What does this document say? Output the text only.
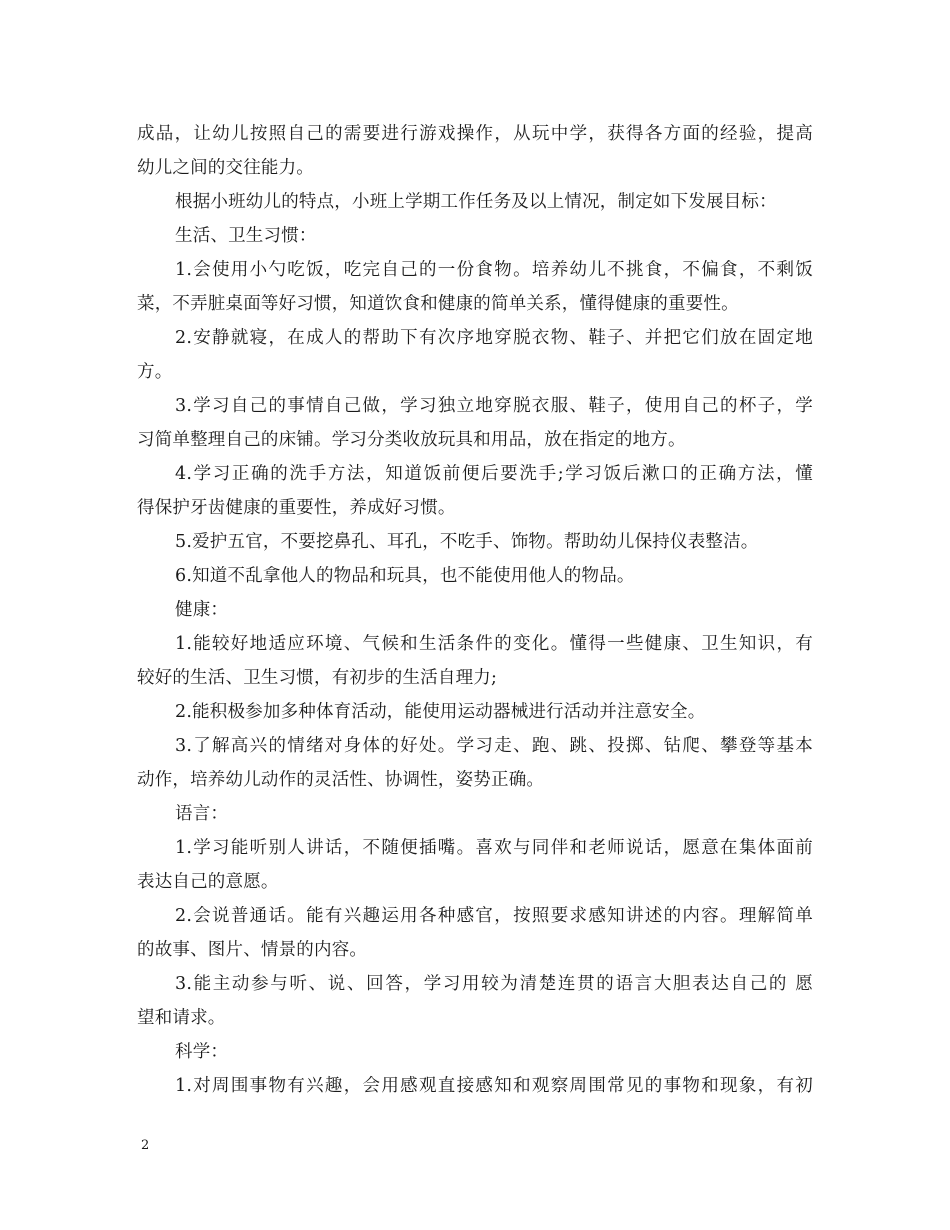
成品，让幼儿按照自己的需要进行游戏操作，从玩中学，获得各方面的经验，提高
幼儿之间的交往能力。
根据小班幼儿的特点，小班上学期工作任务及以上情况，制定如下发展目标：
生活、卫生习惯：
1.会使用小勺吃饭，吃完自己的一份食物。培养幼儿不挑食，不偏食，不剩饭
菜，不弄脏桌面等好习惯，知道饮食和健康的简单关系，懂得健康的重要性。
2.安静就寝，在成人的帮助下有次序地穿脱衣物、鞋子、并把它们放在固定地
方。
3.学习自己的事情自己做，学习独立地穿脱衣服、鞋子，使用自己的杯子，学
习简单整理自己的床铺。学习分类收放玩具和用品，放在指定的地方。
4.学习正确的洗手方法，知道饭前便后要洗手;学习饭后漱口的正确方法，懂
得保护牙齿健康的重要性，养成好习惯。
5.爱护五官，不要挖鼻孔、耳孔，不吃手、饰物。帮助幼儿保持仪表整洁。
6.知道不乱拿他人的物品和玩具，也不能使用他人的物品。
健康：
1.能较好地适应环境、气候和生活条件的变化。懂得一些健康、卫生知识，有
较好的生活、卫生习惯，有初步的生活自理力;
2.能积极参加多种体育活动，能使用运动器械进行活动并注意安全。
3.了解高兴的情绪对身体的好处。学习走、跑、跳、投掷、钻爬、攀登等基本
动作，培养幼儿动作的灵活性、协调性，姿势正确。
语言：
1.学习能听别人讲话，不随便插嘴。喜欢与同伴和老师说话，愿意在集体面前
表达自己的意愿。
2.会说普通话。能有兴趣运用各种感官，按照要求感知讲述的内容。理解简单
的故事、图片、情景的内容。
3.能主动参与听、说、回答，学习用较为清楚连贯的语言大胆表达自己的 愿
望和请求。
科学：
1.对周围事物有兴趣，会用感观直接感知和观察周围常见的事物和现象，有初
2
